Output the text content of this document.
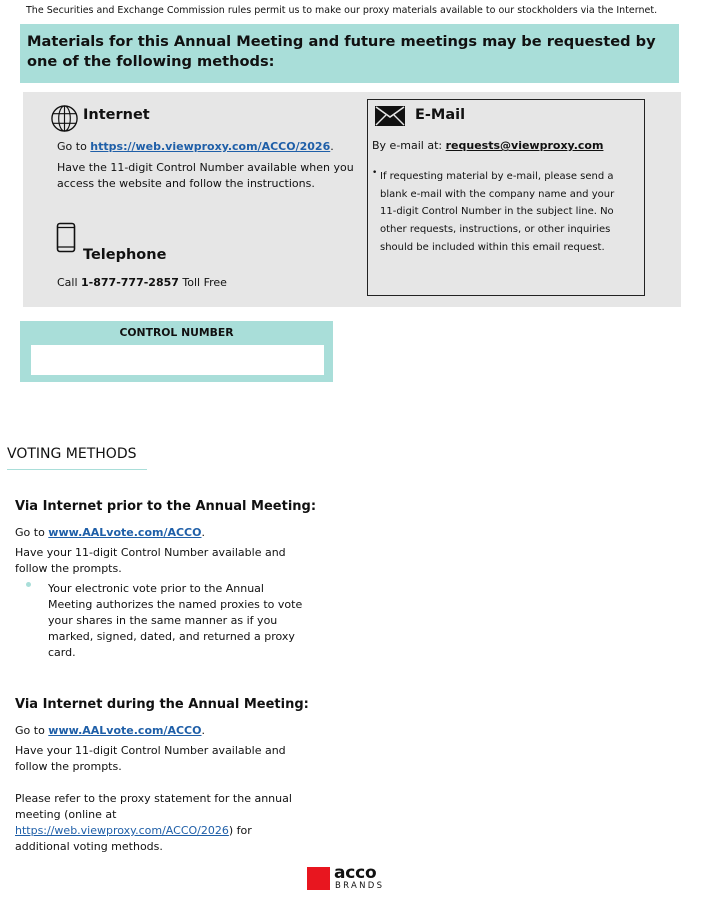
The Securities and Exchange Commission rules permit us to make our proxy materials available to our stockholders via the Internet.
Materials for this Annual Meeting and future meetings may be requested by one of the following methods:
Internet
Go to https://web.viewproxy.com/ACCO/2026.
Have the 11-digit Control Number available when you access the website and follow the instructions.
Telephone
Call 1-877-777-2857 Toll Free
E-Mail
By e-mail at: requests@viewproxy.com
• If requesting material by e-mail, please send a blank e-mail with the company name and your 11-digit Control Number in the subject line. No other requests, instructions, or other inquiries should be included within this email request.
CONTROL NUMBER
VOTING METHODS
Via Internet prior to the Annual Meeting:
Go to www.AALvote.com/ACCO.
Have your 11-digit Control Number available and follow the prompts.
Your electronic vote prior to the Annual Meeting authorizes the named proxies to vote your shares in the same manner as if you marked, signed, dated, and returned a proxy card.
Via Internet during the Annual Meeting:
Go to www.AALvote.com/ACCO.
Have your 11-digit Control Number available and follow the prompts.
Please refer to the proxy statement for the annual meeting (online at https://web.viewproxy.com/ACCO/2026) for additional voting methods.
acco
BRANDS
